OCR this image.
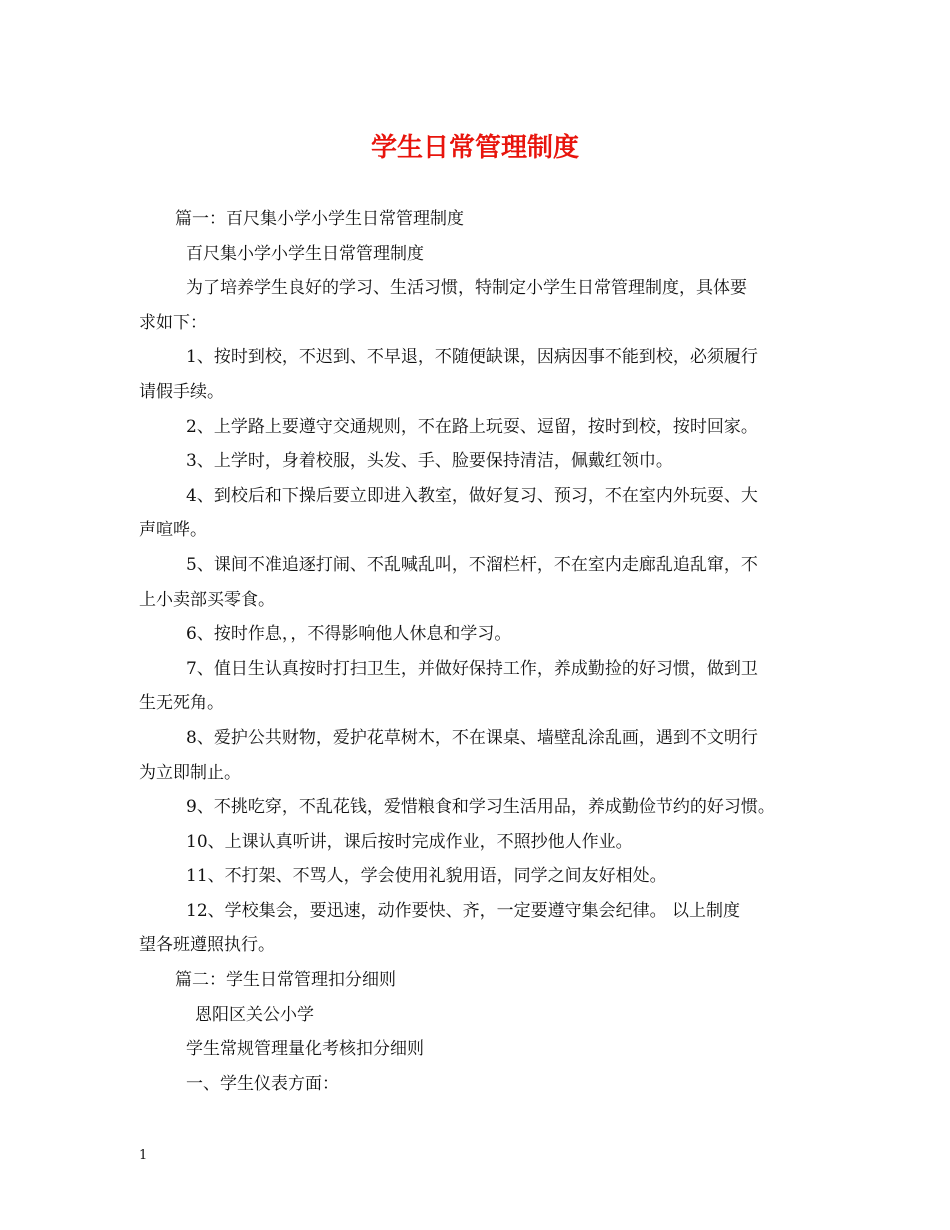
学生日常管理制度

篇一：百尺集小学小学生日常管理制度

百尺集小学小学生日常管理制度

为了培养学生良好的学习、生活习惯，特制定小学生日常管理制度，具体要

求如下：

1、按时到校，不迟到、不早退，不随便缺课，因病因事不能到校，必须履行

请假手续。

2、上学路上要遵守交通规则，不在路上玩耍、逗留，按时到校，按时回家。

3、上学时，身着校服，头发、手、脸要保持清洁，佩戴红领巾。

4、到校后和下操后要立即进入教室，做好复习、预习，不在室内外玩耍、大

声喧哗。

5、课间不准追逐打闹、不乱喊乱叫，不溜栏杆，不在室内走廊乱追乱窜，不

上小卖部买零食。

6、按时作息，，不得影响他人休息和学习。

7、值日生认真按时打扫卫生，并做好保持工作，养成勤捡的好习惯，做到卫

生无死角。

8、爱护公共财物，爱护花草树木，不在课桌、墙壁乱涂乱画，遇到不文明行

为立即制止。

9、不挑吃穿，不乱花钱，爱惜粮食和学习生活用品，养成勤俭节约的好习惯。

10、上课认真听讲，课后按时完成作业，不照抄他人作业。

11、不打架、不骂人，学会使用礼貌用语，同学之间友好相处。

12、学校集会，要迅速，动作要快、齐，一定要遵守集会纪律。 以上制度

望各班遵照执行。

篇二：学生日常管理扣分细则

恩阳区关公小学

学生常规管理量化考核扣分细则

一、学生仪表方面：

1
